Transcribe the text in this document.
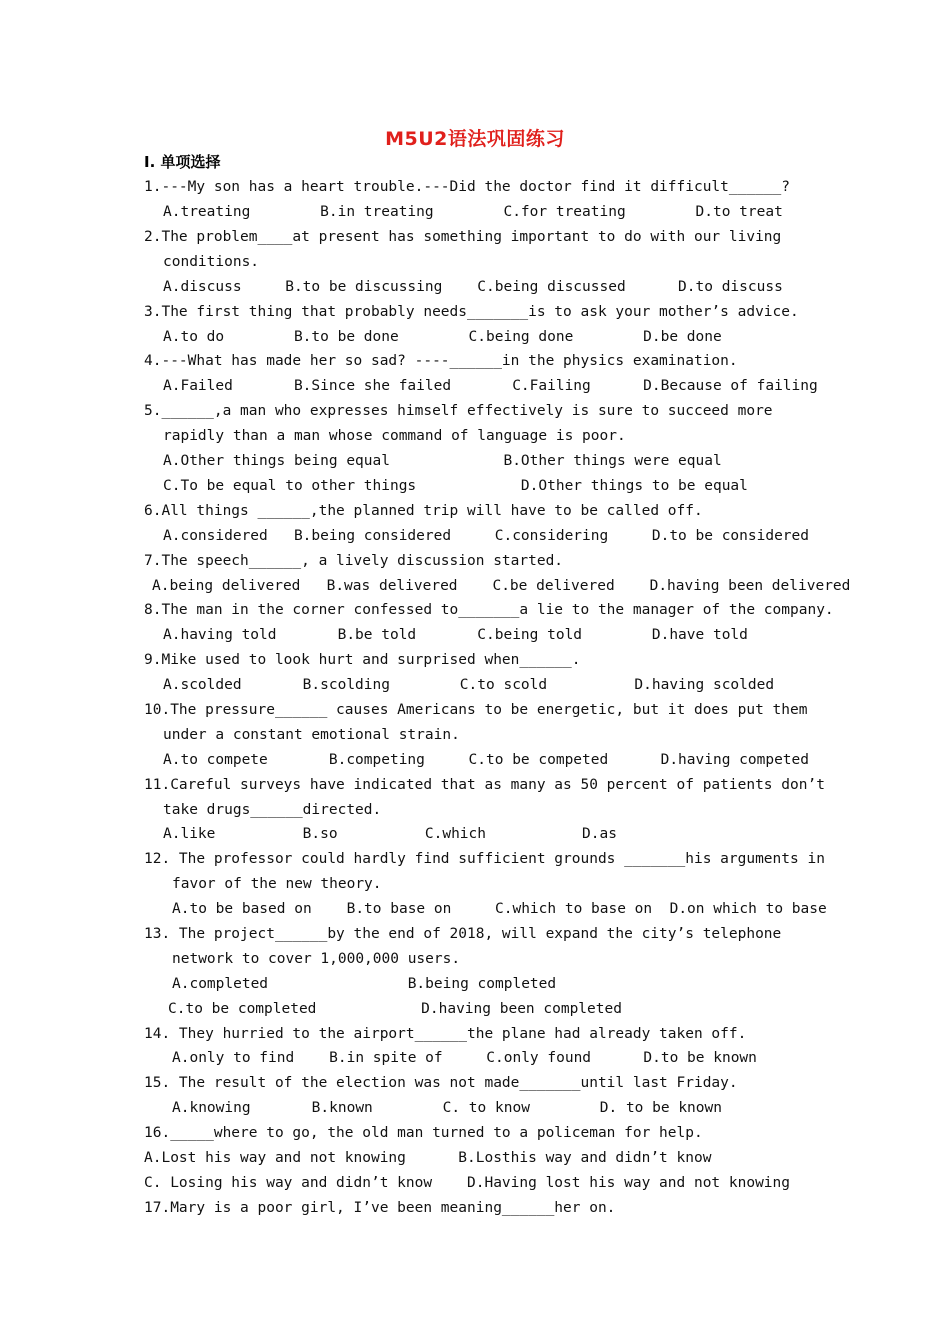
M5U2语法巩固练习
I. 单项选择
1.---My son has a heart trouble.---Did the doctor find it difficult______?
A.treating        B.in treating        C.for treating        D.to treat
2.The problem____at present has something important to do with our living
conditions.
A.discuss     B.to be discussing    C.being discussed      D.to discuss
3.The first thing that probably needs_______is to ask your mother’s advice.
A.to do        B.to be done        C.being done        D.be done
4.---What has made her so sad? ----______in the physics examination.
A.Failed       B.Since she failed       C.Failing      D.Because of failing
5.______,a man who expresses himself effectively is sure to succeed more
rapidly than a man whose command of language is poor.
A.Other things being equal             B.Other things were equal
C.To be equal to other things            D.Other things to be equal
6.All things ______,the planned trip will have to be called off.
A.considered   B.being considered     C.considering     D.to be considered
7.The speech______, a lively discussion started.
A.being delivered   B.was delivered    C.be delivered    D.having been delivered
8.The man in the corner confessed to_______a lie to the manager of the company.
A.having told       B.be told       C.being told        D.have told
9.Mike used to look hurt and surprised when______.
A.scolded       B.scolding        C.to scold          D.having scolded
10.The pressure______ causes Americans to be energetic, but it does put them
under a constant emotional strain.
A.to compete       B.competing     C.to be competed      D.having competed
11.Careful surveys have indicated that as many as 50 percent of patients don’t
take drugs______directed.
A.like          B.so          C.which           D.as
12. The professor could hardly find sufficient grounds _______his arguments in
favor of the new theory.
A.to be based on    B.to base on     C.which to base on  D.on which to base
13. The project______by the end of 2018, will expand the city’s telephone
network to cover 1,000,000 users.
A.completed                B.being completed
C.to be completed            D.having been completed
14. They hurried to the airport______the plane had already taken off.
A.only to find    B.in spite of     C.only found      D.to be known
15. The result of the election was not made_______until last Friday.
A.knowing       B.known        C. to know        D. to be known
16._____where to go, the old man turned to a policeman for help.
A.Lost his way and not knowing      B.Losthis way and didn’t know
C. Losing his way and didn’t know    D.Having lost his way and not knowing
17.Mary is a poor girl, I’ve been meaning______her on.
